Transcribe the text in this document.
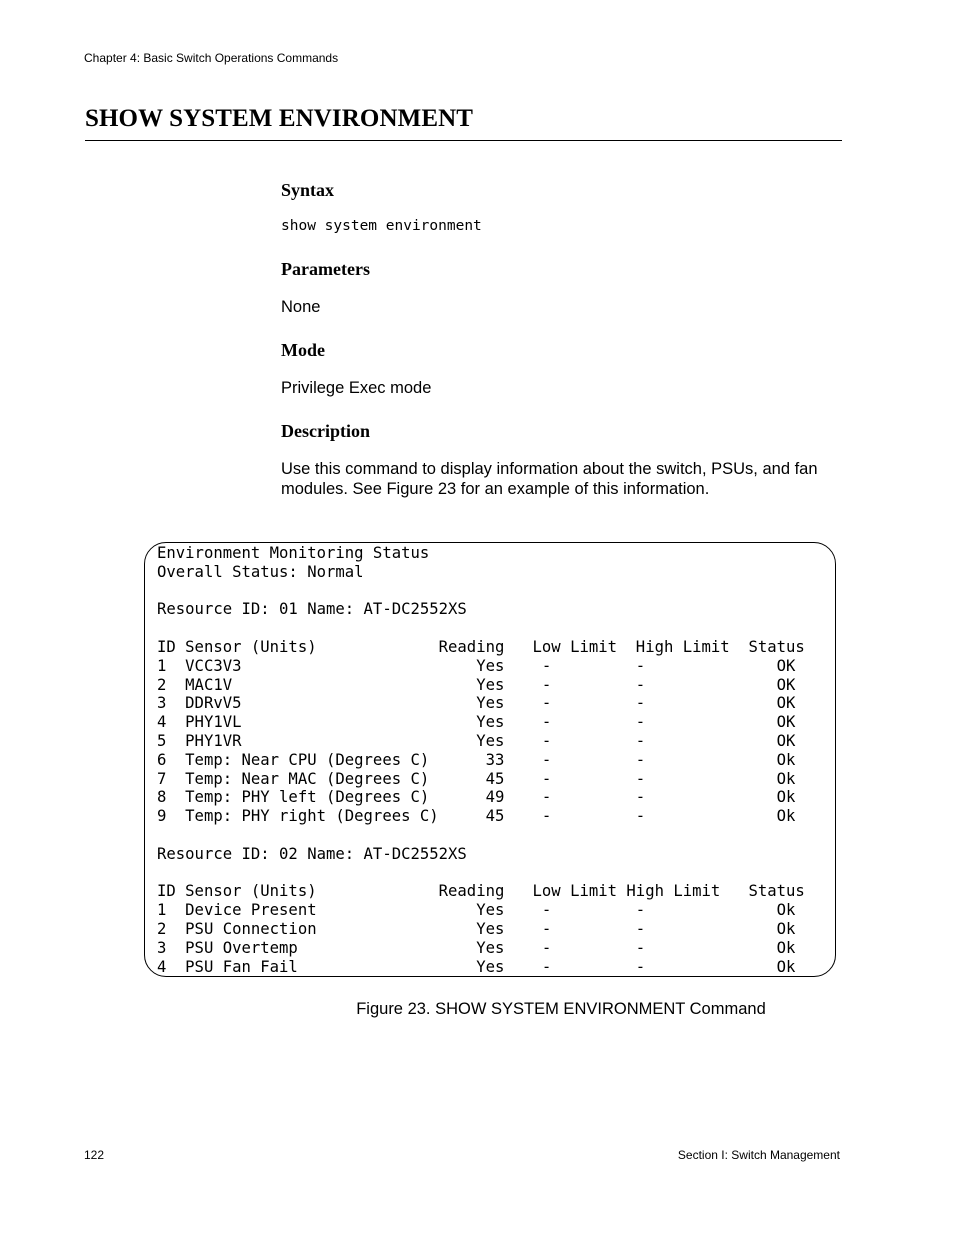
Chapter 4: Basic Switch Operations Commands
SHOW SYSTEM ENVIRONMENT
Syntax
show system environment
Parameters
None
Mode
Privilege Exec mode
Description
Use this command to display information about the switch, PSUs, and fan
modules. See Figure 23 for an example of this information.
Environment Monitoring Status
Overall Status: Normal

Resource ID: 01 Name: AT-DC2552XS

ID Sensor (Units)             Reading   Low Limit  High Limit  Status
1  VCC3V3                         Yes    -         -              OK
2  MAC1V                          Yes    -         -              OK
3  DDRvV5                         Yes    -         -              OK
4  PHY1VL                         Yes    -         -              OK
5  PHY1VR                         Yes    -         -              OK
6  Temp: Near CPU (Degrees C)      33    -         -              Ok
7  Temp: Near MAC (Degrees C)      45    -         -              Ok
8  Temp: PHY left (Degrees C)      49    -         -              Ok
9  Temp: PHY right (Degrees C)     45    -         -              Ok

Resource ID: 02 Name: AT-DC2552XS

ID Sensor (Units)             Reading   Low Limit High Limit   Status
1  Device Present                 Yes    -         -              Ok
2  PSU Connection                 Yes    -         -              Ok
3  PSU Overtemp                   Yes    -         -              Ok
4  PSU Fan Fail                   Yes    -         -              Ok
Figure 23. SHOW SYSTEM ENVIRONMENT Command
122	Section I: Switch Management
